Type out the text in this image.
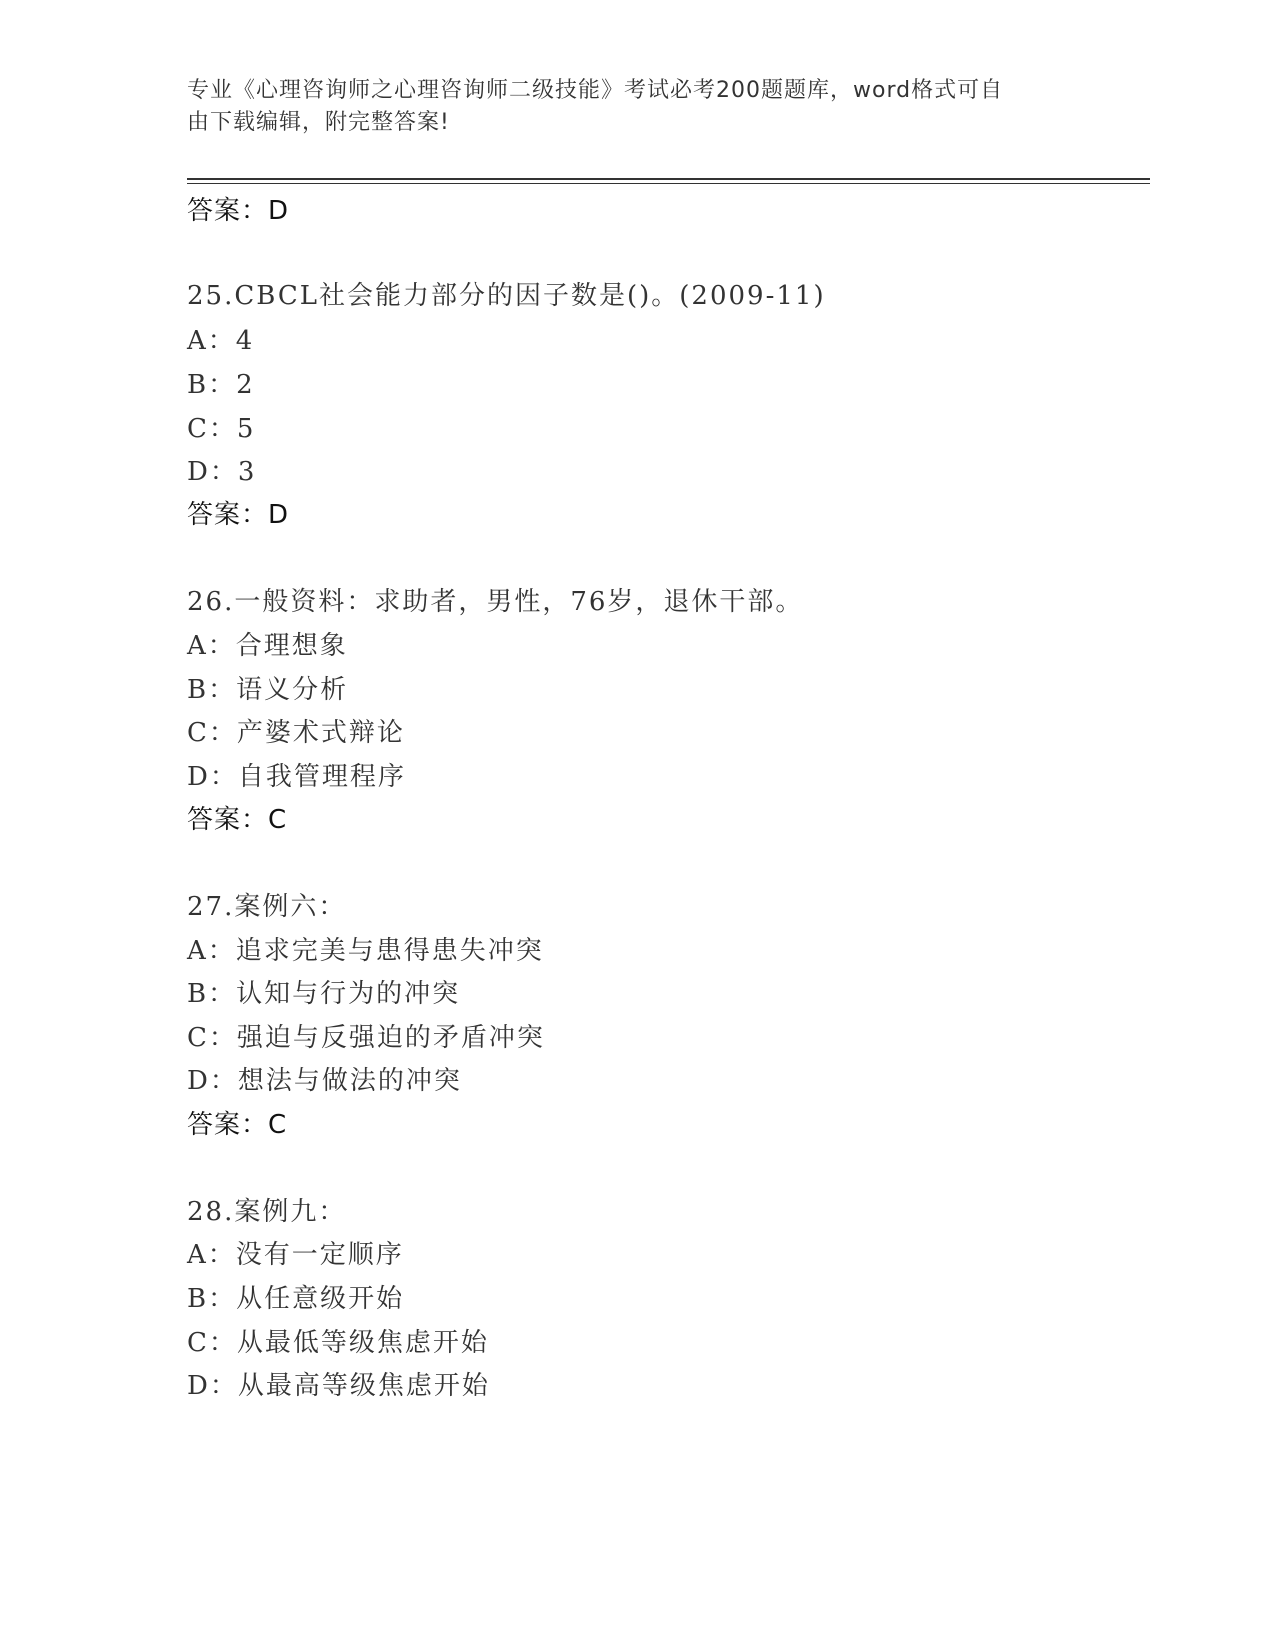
专业《心理咨询师之心理咨询师二级技能》考试必考200题题库，word格式可自
由下载编辑，附完整答案!
答案：D
25.CBCL社会能力部分的因子数是()。(2009-11)
A：4
B：2
C：5
D：3
答案：D
26.一般资料：求助者，男性，76岁，退休干部。
A：合理想象
B：语义分析
C：产婆术式辩论
D：自我管理程序
答案：C
27.案例六：
A：追求完美与患得患失冲突
B：认知与行为的冲突
C：强迫与反强迫的矛盾冲突
D：想法与做法的冲突
答案：C
28.案例九：
A：没有一定顺序
B：从任意级开始
C：从最低等级焦虑开始
D：从最高等级焦虑开始
